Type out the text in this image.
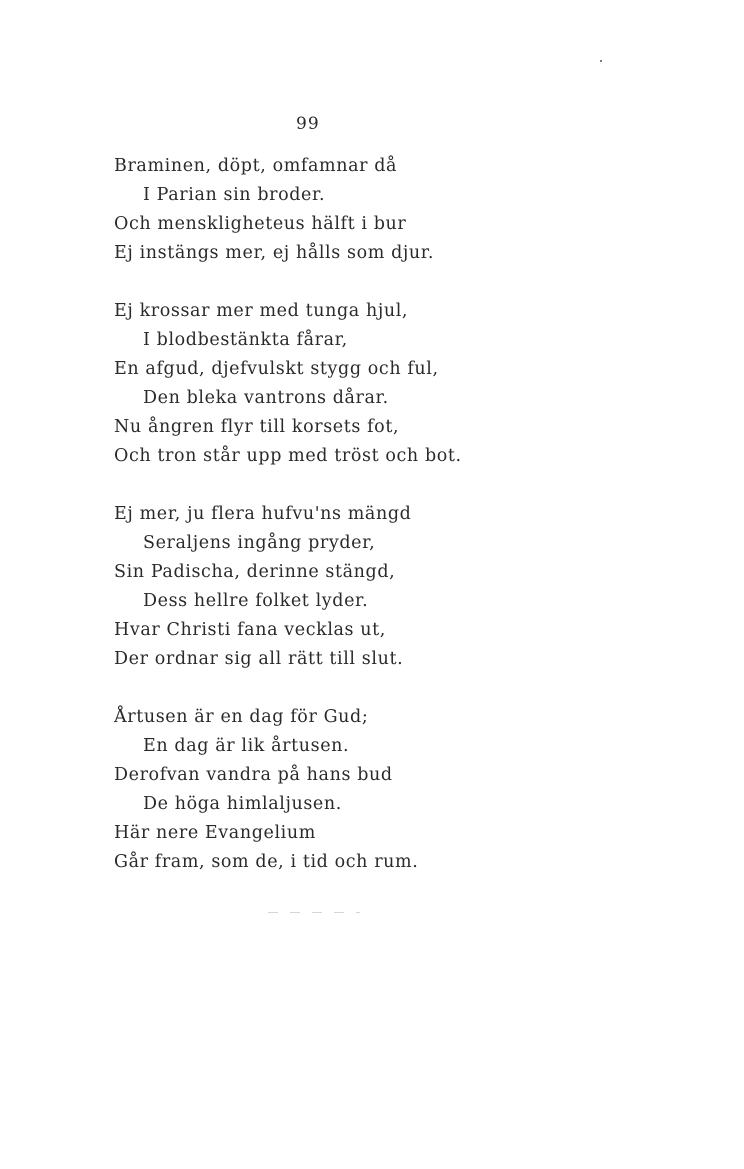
99
Braminen, döpt, omfamnar då
I Parian sin broder.
Och menskligheteus hälft i bur
Ej instängs mer, ej hålls som djur.
Ej krossar mer med tunga hjul,
I blodbestänkta fårar,
En afgud, djefvulskt stygg och ful,
Den bleka vantrons dårar.
Nu ångren flyr till korsets fot,
Och tron står upp med tröst och bot.
Ej mer, ju flera hufvu'ns mängd
Seraljens ingång pryder,
Sin Padischa, derinne stängd,
Dess hellre folket lyder.
Hvar Christi fana vecklas ut,
Der ordnar sig all rätt till slut.
Årtusen är en dag för Gud;
En dag är lik årtusen.
Derofvan vandra på hans bud
De höga himlaljusen.
Här nere Evangelium
Går fram, som de, i tid och rum.
